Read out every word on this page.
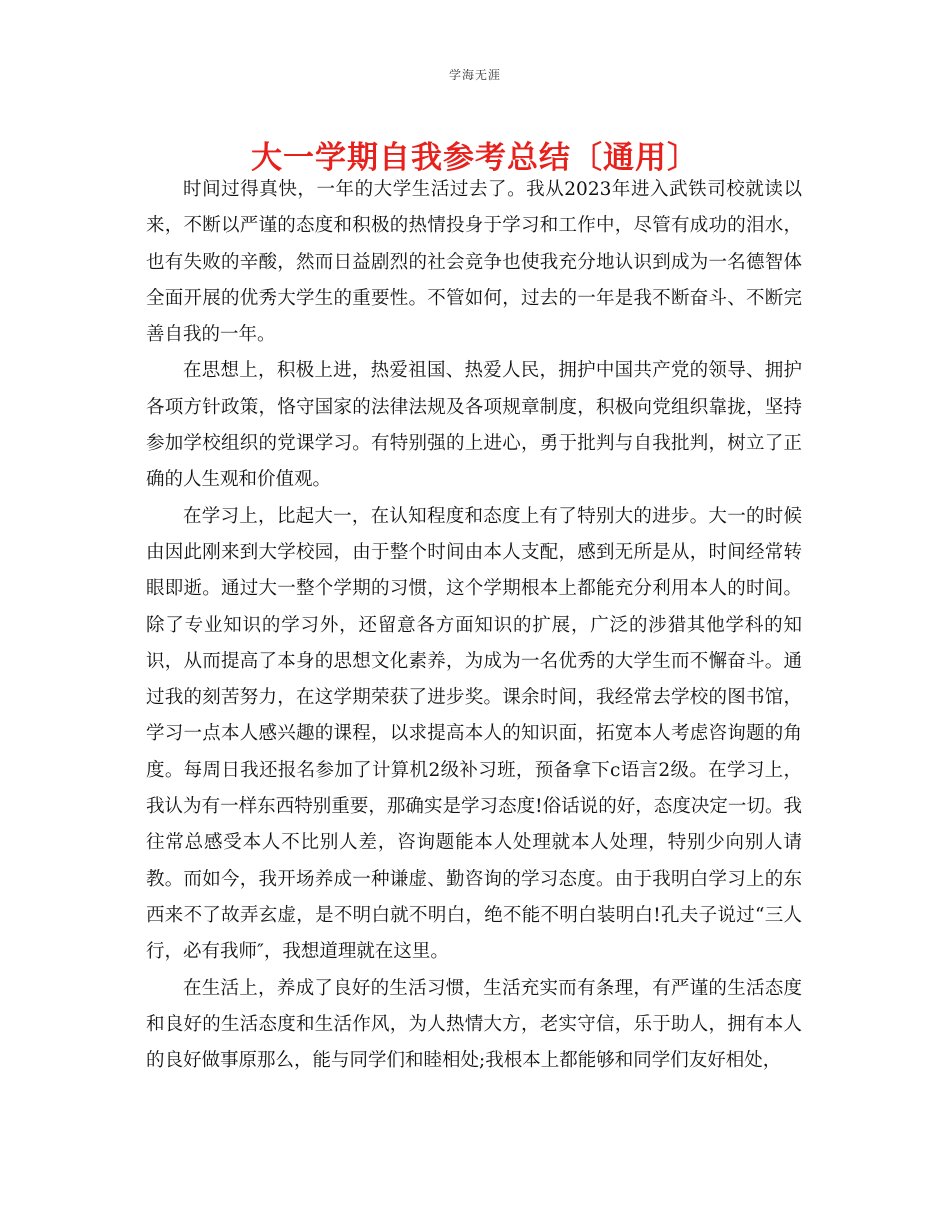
学海无涯
大一学期自我参考总结〔通用〕

时间过得真快，一年的大学生活过去了。我从2023年进入武铁司校就读以来，不断以严谨的态度和积极的热情投身于学习和工作中，尽管有成功的泪水，也有失败的辛酸，然而日益剧烈的社会竞争也使我充分地认识到成为一名德智体全面开展的优秀大学生的重要性。不管如何，过去的一年是我不断奋斗、不断完善自我的一年。

在思想上，积极上进，热爱祖国、热爱人民，拥护中国共产党的领导、拥护各项方针政策，恪守国家的法律法规及各项规章制度，积极向党组织靠拢，坚持参加学校组织的党课学习。有特别强的上进心，勇于批判与自我批判，树立了正确的人生观和价值观。

在学习上，比起大一，在认知程度和态度上有了特别大的进步。大一的时候由因此刚来到大学校园，由于整个时间由本人支配，感到无所是从，时间经常转眼即逝。通过大一整个学期的习惯，这个学期根本上都能充分利用本人的时间。除了专业知识的学习外，还留意各方面知识的扩展，广泛的涉猎其他学科的知识，从而提高了本身的思想文化素养，为成为一名优秀的大学生而不懈奋斗。通过我的刻苦努力，在这学期荣获了进步奖。课余时间，我经常去学校的图书馆，学习一点本人感兴趣的课程，以求提高本人的知识面，拓宽本人考虑咨询题的角度。每周日我还报名参加了计算机2级补习班，预备拿下c语言2级。在学习上，我认为有一样东西特别重要，那确实是学习态度!俗话说的好，态度决定一切。我往常总感受本人不比别人差，咨询题能本人处理就本人处理，特别少向别人请教。而如今，我开场养成一种谦虚、勤咨询的学习态度。由于我明白学习上的东西来不了故弄玄虚，是不明白就不明白，绝不能不明白装明白!孔夫子说过“三人行，必有我师″，我想道理就在这里。

在生活上，养成了良好的生活习惯，生活充实而有条理，有严谨的生活态度和良好的生活态度和生活作风，为人热情大方，老实守信，乐于助人，拥有本人的良好做事原那么，能与同学们和睦相处;我根本上都能够和同学们友好相处，
